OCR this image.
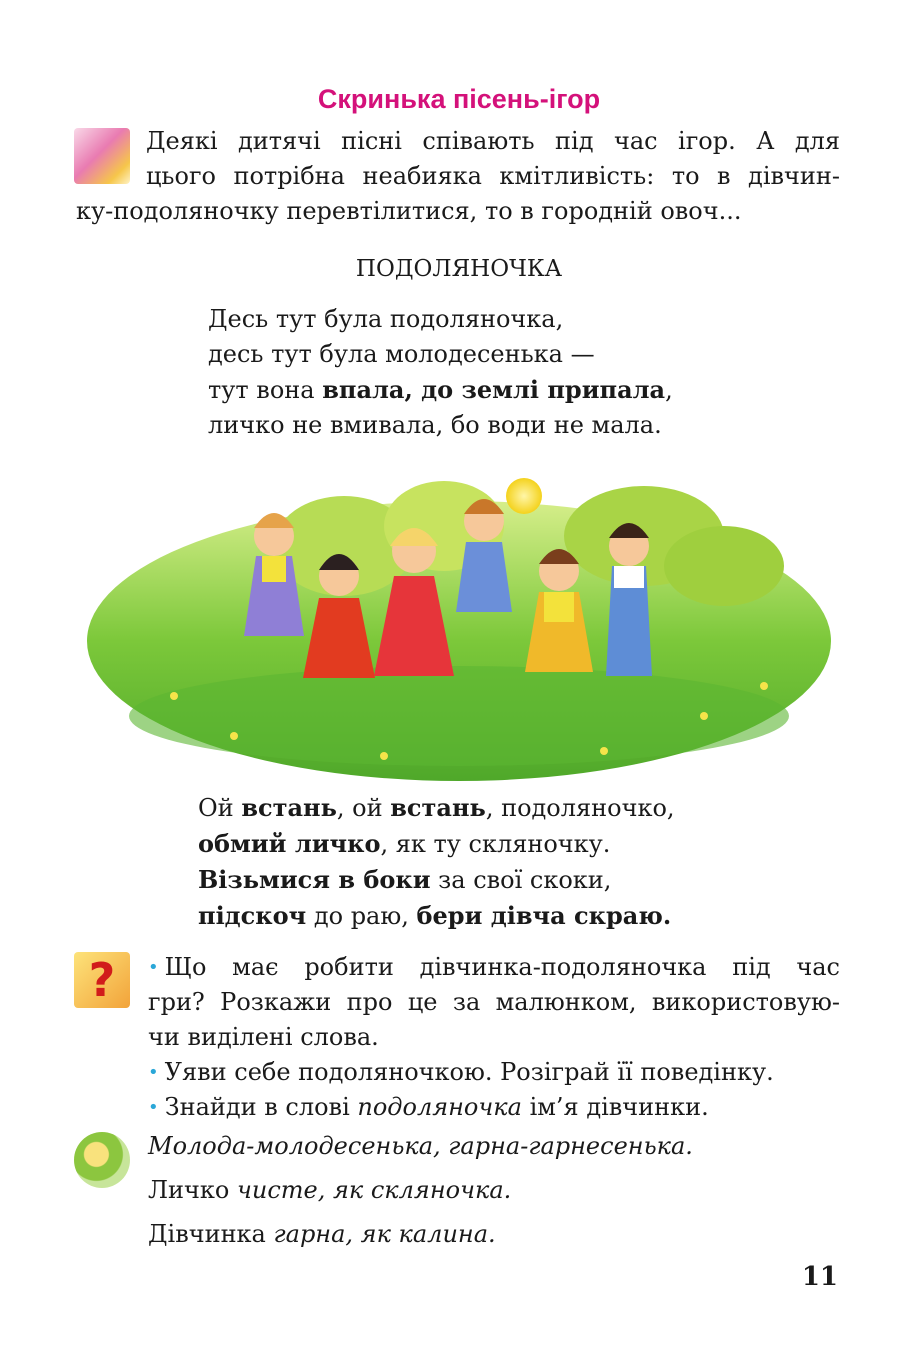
Скринька пісень-ігор

Деякі дитячі пісні співають під час ігор. А для

цього потрібна неабияка кмітливість: то в дівчин-

ку-подоляночку перевтілитися, то в городній овоч...

ПОДОЛЯНОЧКА

Десь тут була подоляночка,

десь тут була молодесенька —

тут вона впала, до землі припала,

личко не вмивала, бо води не мала.

Ой встань, ой встань, подоляночко,

обмий личко, як ту скляночку.

Візьмися в боки за свої скоки,

підскоч до раю, бери дівча скраю.

?	• Що має робити дівчинка-подоляночка під час

гри? Розкажи про це за малюнком, використовую-

чи виділені слова.

• Уяви себе подоляночкою. Розіграй її поведінку.

• Знайди в слові подоляночка ім’я дівчинки.

Молода-молодесенька, гарна-гарнесенька.

Личко чисте, як скляночка.

Дівчинка гарна, як калина.

11
